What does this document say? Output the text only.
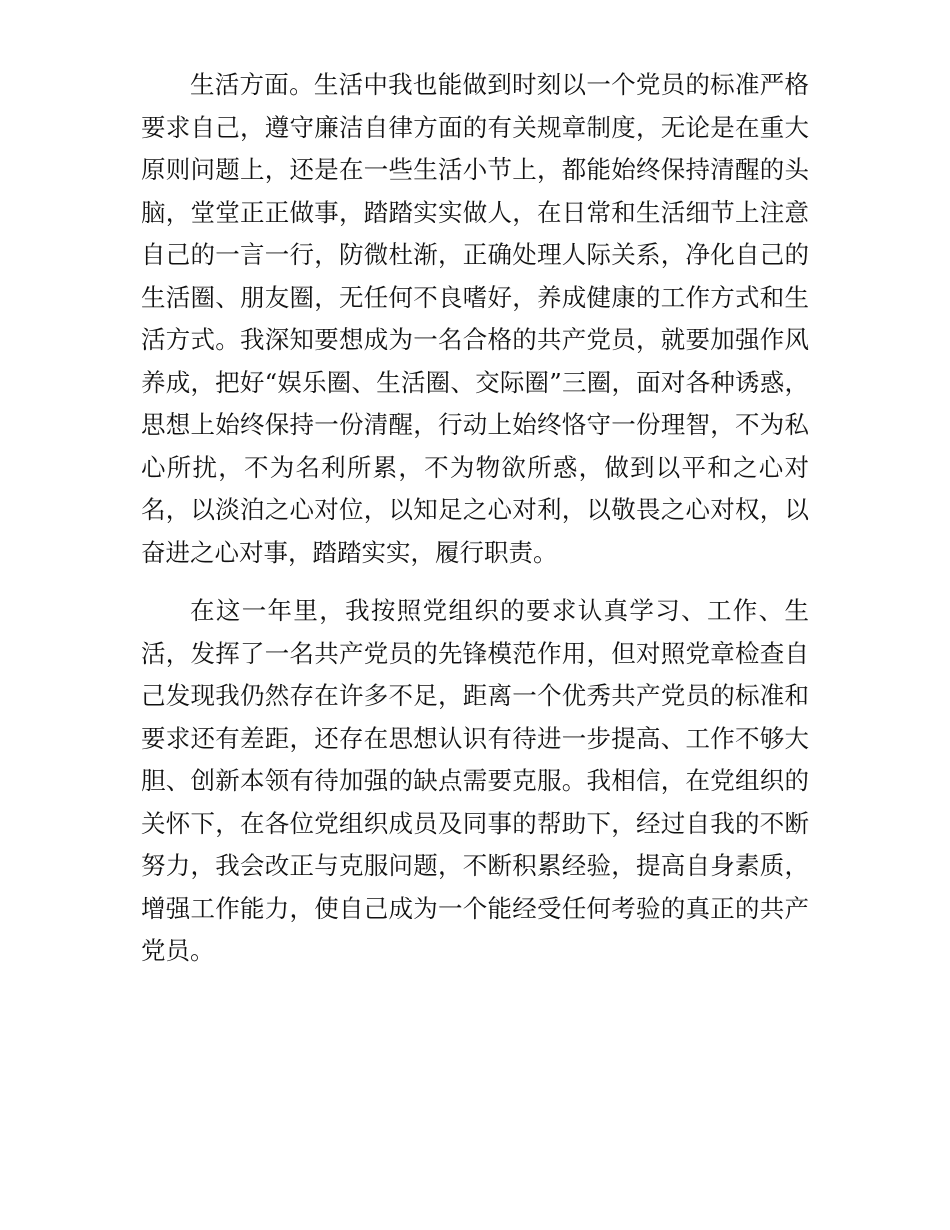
生活方面。生活中我也能做到时刻以一个党员的标准严格要求自己，遵守廉洁自律方面的有关规章制度，无论是在重大原则问题上，还是在一些生活小节上，都能始终保持清醒的头脑，堂堂正正做事，踏踏实实做人，在日常和生活细节上注意自己的一言一行，防微杜渐，正确处理人际关系，净化自己的生活圈、朋友圈，无任何不良嗜好，养成健康的工作方式和生活方式。我深知要想成为一名合格的共产党员，就要加强作风养成，把好“娱乐圈、生活圈、交际圈”三圈，面对各种诱惑，思想上始终保持一份清醒，行动上始终恪守一份理智，不为私心所扰，不为名利所累，不为物欲所惑，做到以平和之心对名，以淡泊之心对位，以知足之心对利，以敬畏之心对权，以奋进之心对事，踏踏实实，履行职责。

在这一年里，我按照党组织的要求认真学习、工作、生活，发挥了一名共产党员的先锋模范作用，但对照党章检查自己发现我仍然存在许多不足，距离一个优秀共产党员的标准和要求还有差距，还存在思想认识有待进一步提高、工作不够大胆、创新本领有待加强的缺点需要克服。我相信，在党组织的关怀下，在各位党组织成员及同事的帮助下，经过自我的不断努力，我会改正与克服问题，不断积累经验，提高自身素质，增强工作能力，使自己成为一个能经受任何考验的真正的共产党员。
